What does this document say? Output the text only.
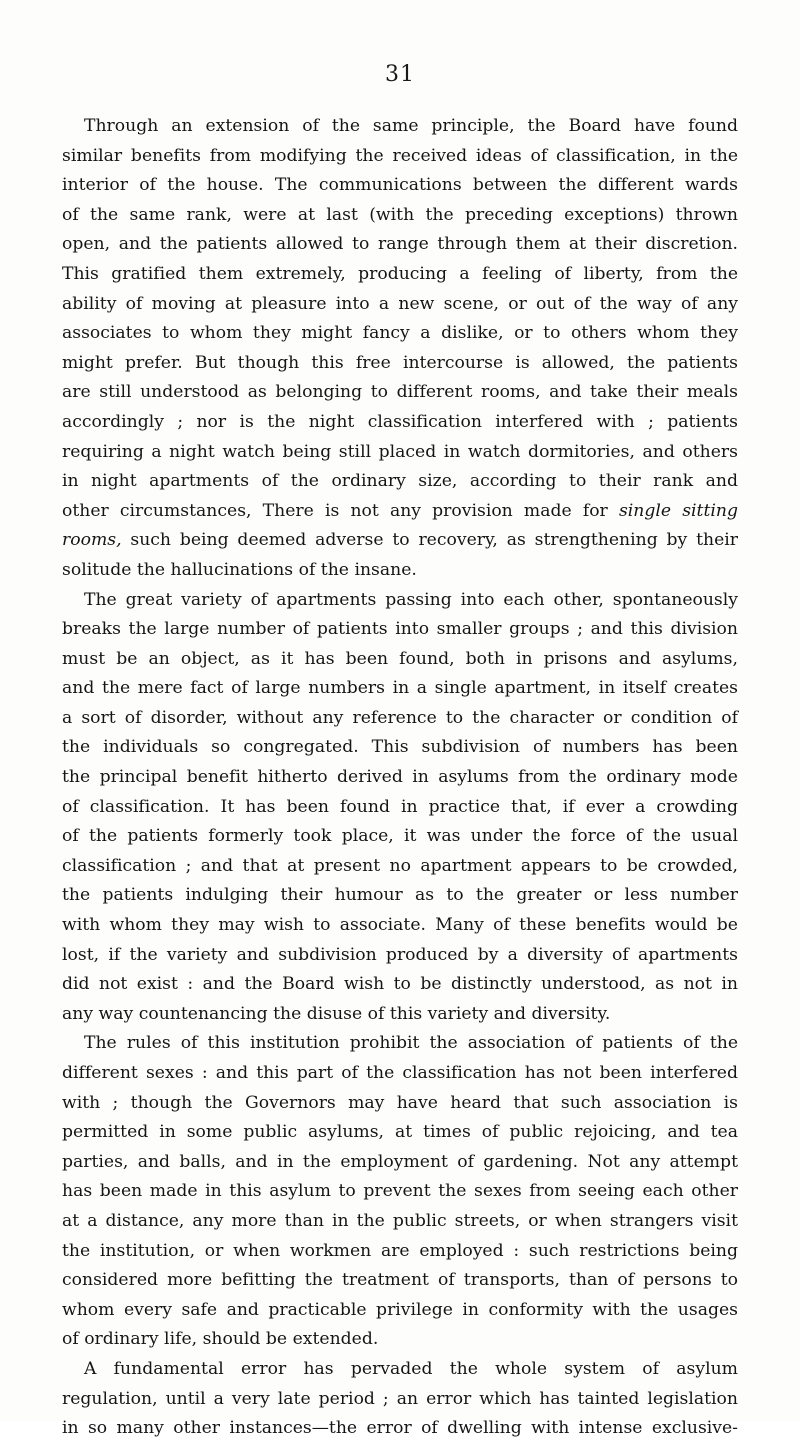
31

Through an extension of the same principle, the Board have found
similar benefits from modifying the received ideas of classification, in the
interior of the house. The communications between the different wards
of the same rank, were at last (with the preceding exceptions) thrown
open, and the patients allowed to range through them at their discretion.
This gratified them extremely, producing a feeling of liberty, from the
ability of moving at pleasure into a new scene, or out of the way of any
associates to whom they might fancy a dislike, or to others whom they
might prefer. But though this free intercourse is allowed, the patients
are still understood as belonging to different rooms, and take their meals
accordingly ; nor is the night classification interfered with ; patients
requiring a night watch being still placed in watch dormitories, and others
in night apartments of the ordinary size, according to their rank and
other circumstances, There is not any provision made for single sitting
rooms, such being deemed adverse to recovery, as strengthening by their
solitude the hallucinations of the insane.

The great variety of apartments passing into each other, spontaneously
breaks the large number of patients into smaller groups ; and this division
must be an object, as it has been found, both in prisons and asylums,
and the mere fact of large numbers in a single apartment, in itself creates
a sort of disorder, without any reference to the character or condition of
the individuals so congregated. This subdivision of numbers has been
the principal benefit hitherto derived in asylums from the ordinary mode
of classification. It has been found in practice that, if ever a crowding
of the patients formerly took place, it was under the force of the usual
classification ; and that at present no apartment appears to be crowded,
the patients indulging their humour as to the greater or less number
with whom they may wish to associate. Many of these benefits would be
lost, if the variety and subdivision produced by a diversity of apartments
did not exist : and the Board wish to be distinctly understood, as not in
any way countenancing the disuse of this variety and diversity.

The rules of this institution prohibit the association of patients of the
different sexes : and this part of the classification has not been interfered
with ; though the Governors may have heard that such association is
permitted in some public asylums, at times of public rejoicing, and tea
parties, and balls, and in the employment of gardening. Not any attempt
has been made in this asylum to prevent the sexes from seeing each other
at a distance, any more than in the public streets, or when strangers visit
the institution, or when workmen are employed : such restrictions being
considered more befitting the treatment of transports, than of persons to
whom every safe and practicable privilege in conformity with the usages
of ordinary life, should be extended.

A fundamental error has pervaded the whole system of asylum
regulation, until a very late period ; an error which has tainted legislation
in so many other instances—the error of dwelling with intense exclusive-
